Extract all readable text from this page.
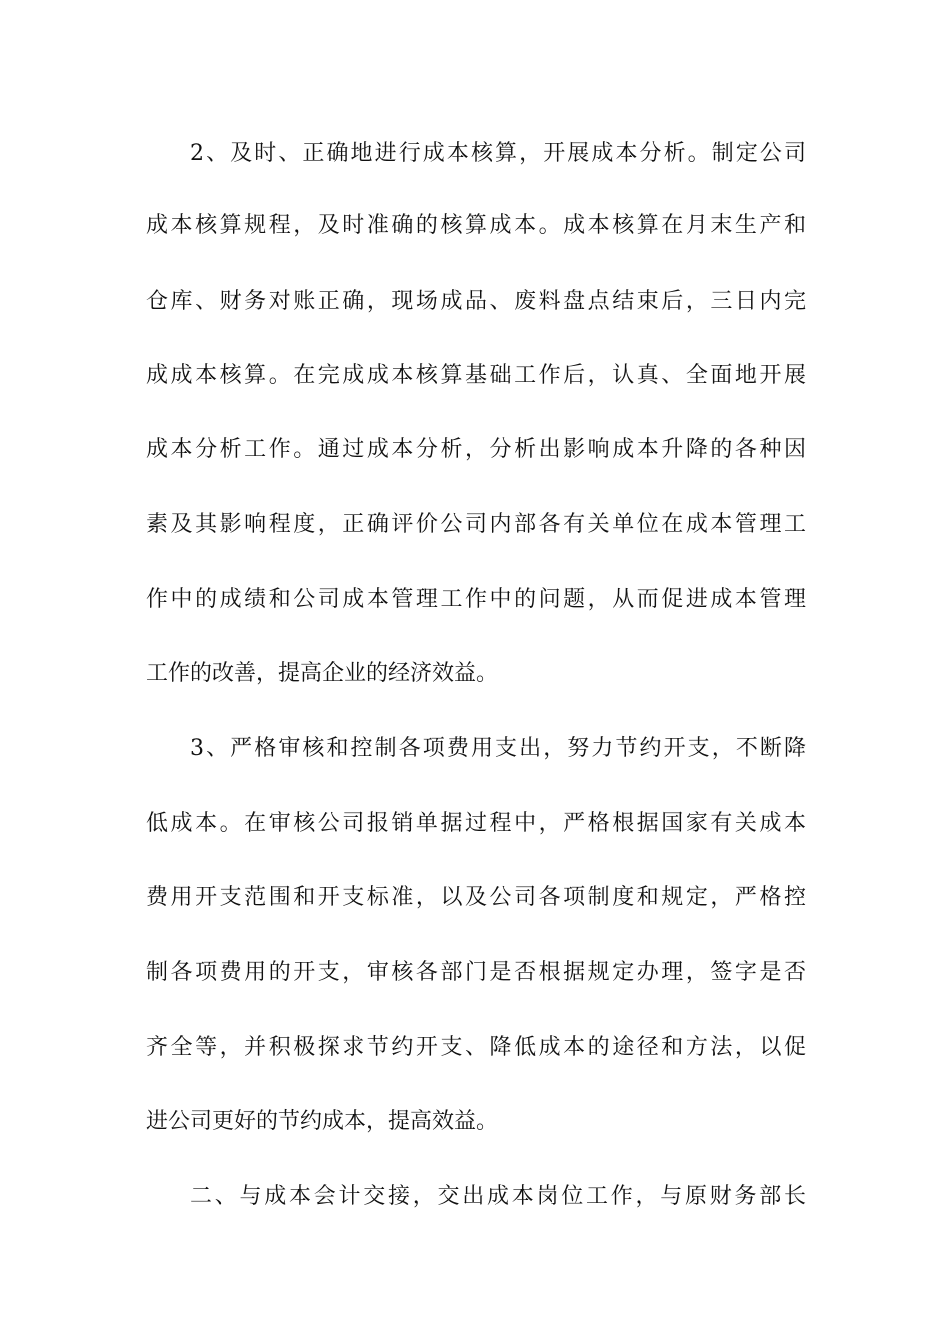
2、及时、正确地进行成本核算，开展成本分析。制定公司
成本核算规程，及时准确的核算成本。成本核算在月末生产和
仓库、财务对账正确，现场成品、废料盘点结束后，三日内完
成成本核算。在完成成本核算基础工作后，认真、全面地开展
成本分析工作。通过成本分析，分析出影响成本升降的各种因
素及其影响程度，正确评价公司内部各有关单位在成本管理工
作中的成绩和公司成本管理工作中的问题，从而促进成本管理
工作的改善，提高企业的经济效益。
3、严格审核和控制各项费用支出，努力节约开支，不断降
低成本。在审核公司报销单据过程中，严格根据国家有关成本
费用开支范围和开支标准，以及公司各项制度和规定，严格控
制各项费用的开支，审核各部门是否根据规定办理，签字是否
齐全等，并积极探求节约开支、降低成本的途径和方法，以促
进公司更好的节约成本，提高效益。
二、与成本会计交接，交出成本岗位工作，与原财务部长
